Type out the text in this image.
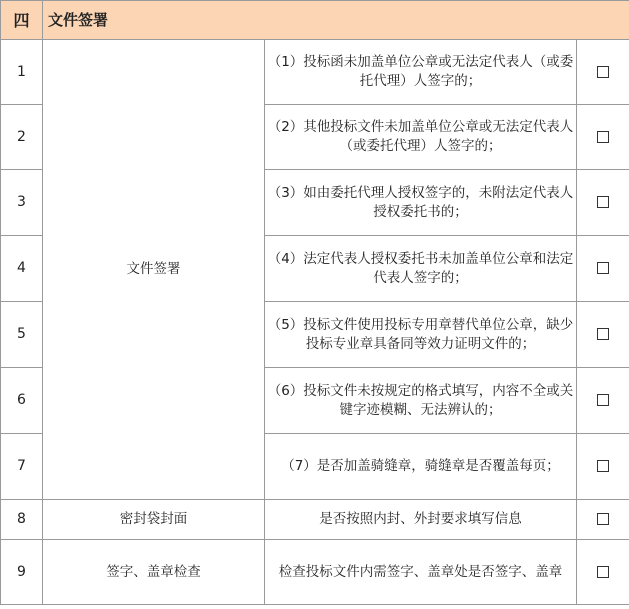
四	文件签署		
1	文件签署	（1）投标函未加盖单位公章或无法定代表人（或委托代理）人签字的；	
2		（2）其他投标文件未加盖单位公章或无法定代表人（或委托代理）人签字的；	
3		（3）如由委托代理人授权签字的，未附法定代表人授权委托书的；	
4		（4）法定代表人授权委托书未加盖单位公章和法定代表人签字的；	
5		（5）投标文件使用投标专用章替代单位公章，缺少投标专业章具备同等效力证明文件的；	
6		（6）投标文件未按规定的格式填写，内容不全或关键字迹模糊、无法辨认的；	
7		（7）是否加盖骑缝章，骑缝章是否覆盖每页；	
8	密封袋封面	是否按照内封、外封要求填写信息	
9	签字、盖章检查	检查投标文件内需签字、盖章处是否签字、盖章	
